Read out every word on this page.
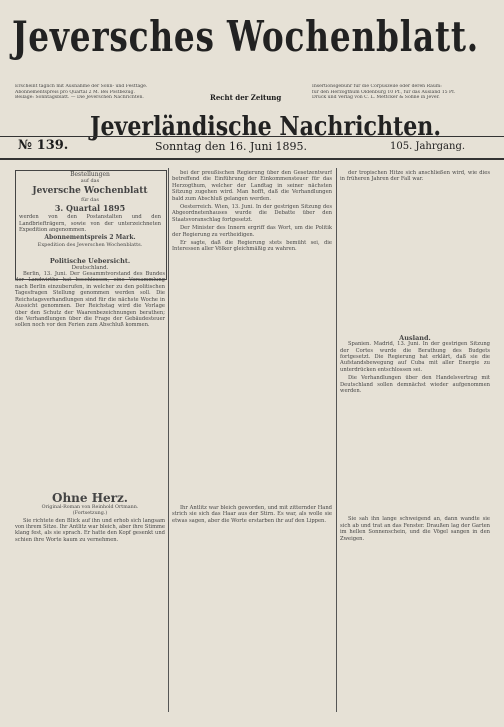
Jeversches Wochenblatt.
Erscheint täglich mit Ausnahme der Sonn- und Festtage.
Abonnementspreis pro Quartal 2 M. Bei Postbezug.
Beilage: Sonntagsblatt. — Die Jeverschen Nachrichten.	Recht der Zeitung
Insertionsgebühr für die Corpuszeile oder deren Raum:
für den Herzogthum Oldenburg 10 Pf., für das Ausland 15 Pf.
Druck und Verlag von C. L. Mettcker & Söhne in Jever.
Jeverländische Nachrichten.
№ 139.	Sonntag den 16. Juni 1895.	105. Jahrgang.
Bestellungen
auf das
Jeversche Wochenblatt
für das
3. Quartal 1895

werden von den Postanstalten und den Landbriefträgern, sowie von der unterzeichneten Expedition angenommen.

Abonnementspreis 2 Mark.
Expedition des Jeverschen Wochenblatts.
Politische Uebersicht.
Deutschland.

Berlin, 13. Juni. Der Gesammtvorstand des Bundes der Landwirthe hat beschlossen, eine Versammlung nach Berlin einzuberufen, in welcher zu den politischen Tagesfragen Stellung genommen werden soll. Die Reichstagsverhandlungen sind für die nächste Woche in Aussicht genommen. Der Reichstag wird die Vorlage über den Schutz der Waarenbezeichnungen berathen; die Verhandlungen über die Frage der Gebäudesteuer sollen noch vor den Ferien zum Abschluß kommen.

Ohne Herz.
Original-Roman von Reinhold Ortmann.
(Fortsetzung.)

Sie richtete den Blick auf ihn und erhob sich langsam von ihrem Sitze. Ihr Antlitz war bleich, aber ihre Stimme klang fest, als sie sprach. Er hatte den Kopf gesenkt und schien ihre Worte kaum zu vernehmen.

bei der preußischen Regierung über den Gesetzentwurf betreffend die Einführung der Einkommensteuer für das Herzogthum, welcher der Landtag in seiner nächsten Sitzung zugehen wird. Man hofft, daß die Verhandlungen bald zum Abschluß gelangen werden.

Oesterreich. Wien, 13. Juni. In der gestrigen Sitzung des Abgeordnetenhauses wurde die Debatte über den Staatsvoranschlag fortgesetzt.

Der Minister des Innern ergriff das Wort, um die Politik der Regierung zu vertheidigen.

Er sagte, daß die Regierung stets bemüht sei, die Interessen aller Völker gleichmäßig zu wahren.

Ihr Antlitz war bleich geworden, und mit zitternder Hand strich sie sich das Haar aus der Stirn. Es war, als wolle sie etwas sagen, aber die Worte erstarben ihr auf den Lippen.

der tropischen Hitze sich anschließen wird, wie dies in früheren Jahren der Fall war.

Ausland.

Spanien. Madrid, 13. Juni. In der gestrigen Sitzung der Cortes wurde die Berathung des Budgets fortgesetzt. Die Regierung hat erklärt, daß sie die Aufstandsbewegung auf Cuba mit aller Energie zu unterdrücken entschlossen sei.

Die Verhandlungen über den Handelsvertrag mit Deutschland sollen demnächst wieder aufgenommen werden.

Sie sah ihn lange schweigend an, dann wandte sie sich ab und trat an das Fenster. Draußen lag der Garten im hellen Sonnenschein, und die Vögel sangen in den Zweigen.
